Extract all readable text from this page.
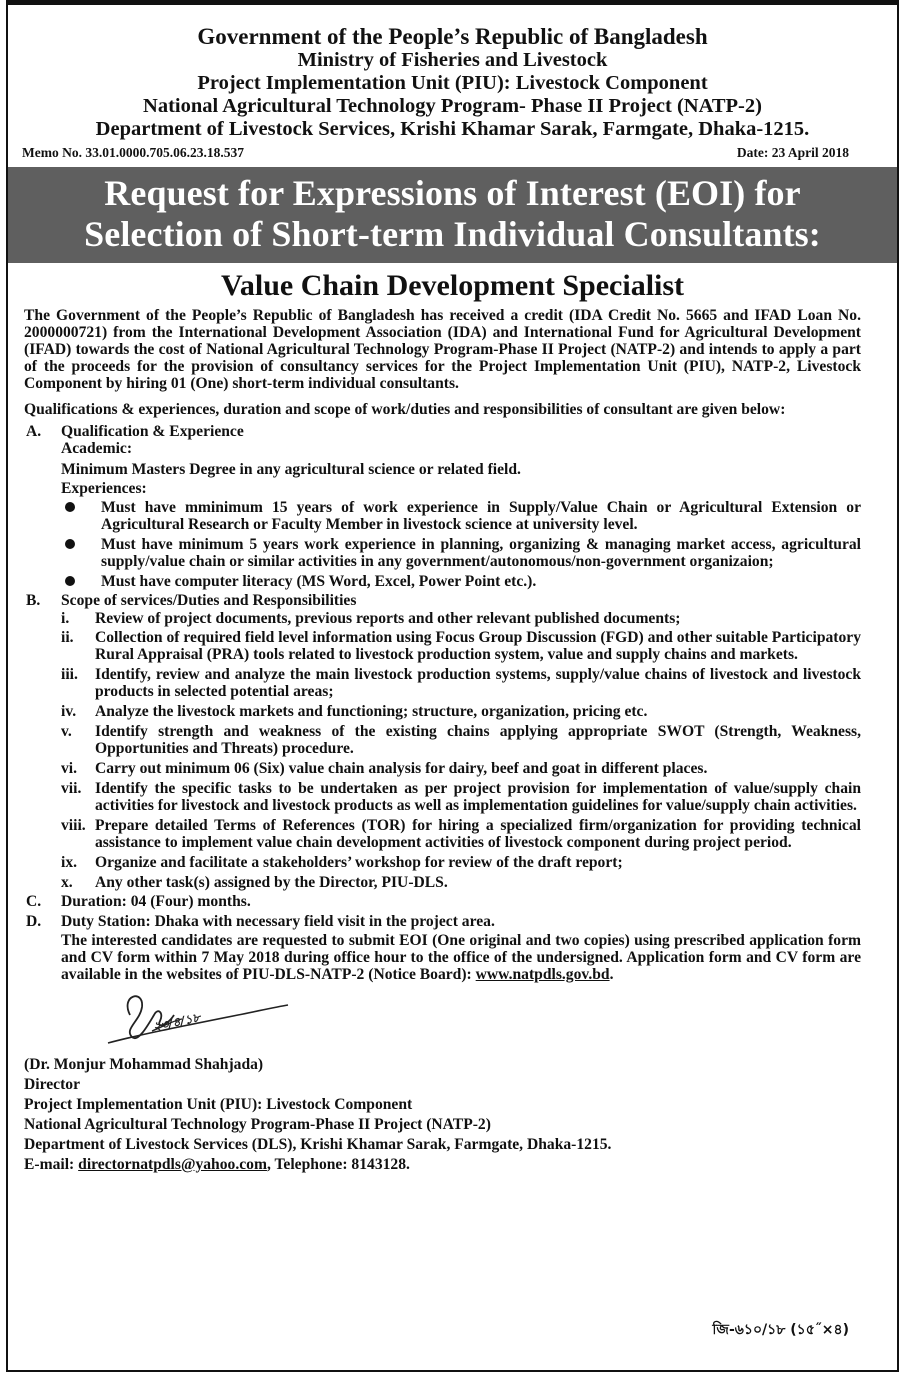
Government of the People’s Republic of Bangladesh
Ministry of Fisheries and Livestock
Project Implementation Unit (PIU): Livestock Component
National Agricultural Technology Program- Phase II Project (NATP-2)
Department of Livestock Services, Krishi Khamar Sarak, Farmgate, Dhaka-1215.
Memo No. 33.01.0000.705.06.23.18.537	Date: 23 April 2018
Request for Expressions of Interest (EOI) for
Selection of Short-term Individual Consultants:
Value Chain Development Specialist

The Government of the People’s Republic of Bangladesh has received a credit (IDA Credit No. 5665 and IFAD Loan No. 2000000721) from the International Development Association (IDA) and International Fund for Agricultural Development (IFAD) towards the cost of National Agricultural Technology Program-Phase II Project (NATP-2) and intends to apply a part of the proceeds for the provision of consultancy services for the Project Implementation Unit (PIU), NATP-2, Livestock Component by hiring 01 (One) short-term individual consultants.

Qualifications & experiences, duration and scope of work/duties and responsibilities of consultant are given below:

A.	Qualification & Experience
Academic:
Minimum Masters Degree in any agricultural science or related field.
Experiences:
Must have mminimum 15 years of work experience in Supply/Value Chain or Agricultural Extension or Agricultural Research or Faculty Member in livestock science at university level.
Must have minimum 5 years work experience in planning, organizing & managing market access, agricultural supply/value chain or similar activities in any government/autonomous/non-government organizaion;
Must have computer literacy (MS Word, Excel, Power Point etc.).
B.	Scope of services/Duties and Responsibilities
i.	Review of project documents, previous reports and other relevant published documents;
ii.	Collection of required field level information using Focus Group Discussion (FGD) and other suitable Participatory Rural Appraisal (PRA) tools related to livestock production system, value and supply chains and markets.
iii.	Identify, review and analyze the main livestock production systems, supply/value chains of livestock and livestock products in selected potential areas;
iv.	Analyze the livestock markets and functioning; structure, organization, pricing etc.
v.	Identify strength and weakness of the existing chains applying appropriate SWOT (Strength, Weakness, Opportunities and Threats) procedure.
vi.	Carry out minimum 06 (Six) value chain analysis for dairy, beef and goat in different places.
vii. Identify the specific tasks to be undertaken as per project provision for implementation of value/supply chain activities for livestock and livestock products as well as implementation guidelines for value/supply chain activities.
viii. Prepare detailed Terms of References (TOR) for hiring a specialized firm/organization for providing technical assistance to implement value chain development activities of livestock component during project period.
ix.	Organize and facilitate a stakeholders’ workshop for review of the draft report;
x.	Any other task(s) assigned by the Director, PIU-DLS.
C.	Duration: 04 (Four) months.
D.	Duty Station: Dhaka with necessary field visit in the project area.
The interested candidates are requested to submit EOI (One original and two copies) using prescribed application form and CV form within 7 May 2018 during office hour to the office of the undersigned. Application form and CV form are available in the websites of PIU-DLS-NATP-2 (Notice Board): www.natpdls.gov.bd.
২৩/৪/১৮
(Dr. Monjur Mohammad Shahjada)
Director
Project Implementation Unit (PIU): Livestock Component
National Agricultural Technology Program-Phase II Project (NATP-2)
Department of Livestock Services (DLS), Krishi Khamar Sarak, Farmgate, Dhaka-1215.
E-mail: directornatpdls@yahoo.com, Telephone: 8143128.
জি-৬১০/১৮ (১৫˝×৪)
